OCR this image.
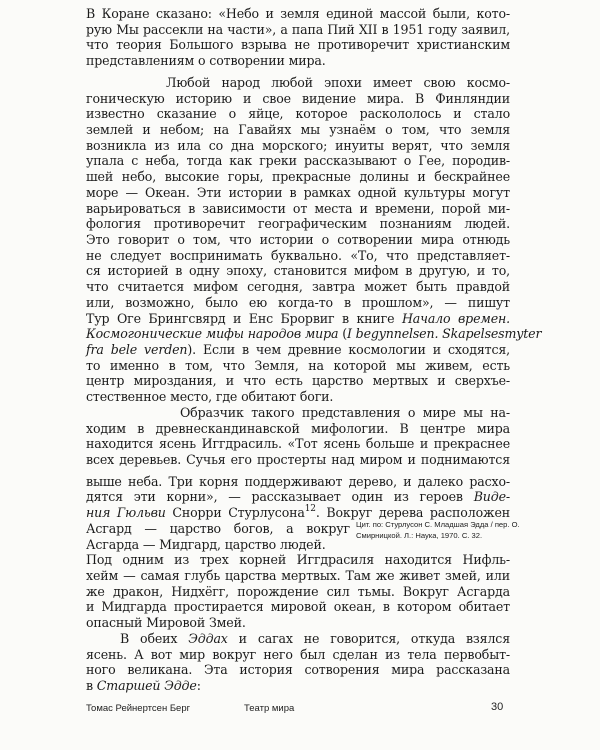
В Коране сказано: «Небо и земля единой массой были, кото-
рую Мы рассекли на части», а папа Пий XII в 1951 году заявил,
что теория Большого взрыва не противоречит христианским
представлениям о сотворении мира.
Любой народ любой эпохи имеет свою космо-
гоническую историю и свое видение мира. В Финляндии
известно сказание о яйце, которое раскололось и стало
землей и небом; на Гавайях мы узнаём о том, что земля
возникла из ила со дна морского; инуиты верят, что земля
упала с неба, тогда как греки рассказывают о Гее, породив-
шей небо, высокие горы, прекрасные долины и бескрайнее
море — Океан. Эти истории в рамках одной культуры могут
варьироваться в зависимости от места и времени, порой ми-
фология противоречит географическим познаниям людей.
Это говорит о том, что истории о сотворении мира отнюдь
не следует воспринимать буквально. «То, что представляет-
ся историей в одну эпоху, становится мифом в другую, и то,
что считается мифом сегодня, завтра может быть правдой
или, возможно, было ею когда-то в прошлом», — пишут
Тур Оге Брингсвярд и Енс Брорвиг в книге Начало времен.
Космогонические мифы народов мира (I begynnelsen. Skapelsesmyter
fra bele verden). Если в чем древние космологии и сходятся,
то именно в том, что Земля, на которой мы живем, есть
центр мироздания, и что есть царство мертвых и сверхъе-
стественное место, где обитают боги.
Образчик такого представления о мире мы на-
ходим в древнескандинавской мифологии. В центре мира
находится ясень Иггдрасиль. «Тот ясень больше и прекраснее
всех деревьев. Сучья его простерты над миром и поднимаются
выше неба. Три корня поддерживают дерево, и далеко расхо-
дятся эти корни», — рассказывает один из героев Виде-
ния Гюльви Снорри Стурлусона$^{12}$. Вокруг дерева расположен
Асгард — царство богов, а вокруг
Асгарда — Мидгард, царство людей.
Под одним из трех корней Иггдрасиля находится Нифль-
хейм — самая глубь царства мертвых. Там же живет змей, или
же дракон, Нидхёгг, порождение сил тьмы. Вокруг Асгарда
и Мидгарда простирается мировой океан, в котором обитает
опасный Мировой Змей.
В обеих Эддах и сагах не говорится, откуда взялся
ясень. А вот мир вокруг него был сделан из тела первобыт-
ного великана. Эта история сотворения мира рассказана
в Старшей Эдде:
Цит. по: Стурлусон С. Младшая Эдда / пер. О. Смирницкой. Л.: Наука, 1970. С. 32.
Томас Рейнертсен Берг	Театр мира	30
